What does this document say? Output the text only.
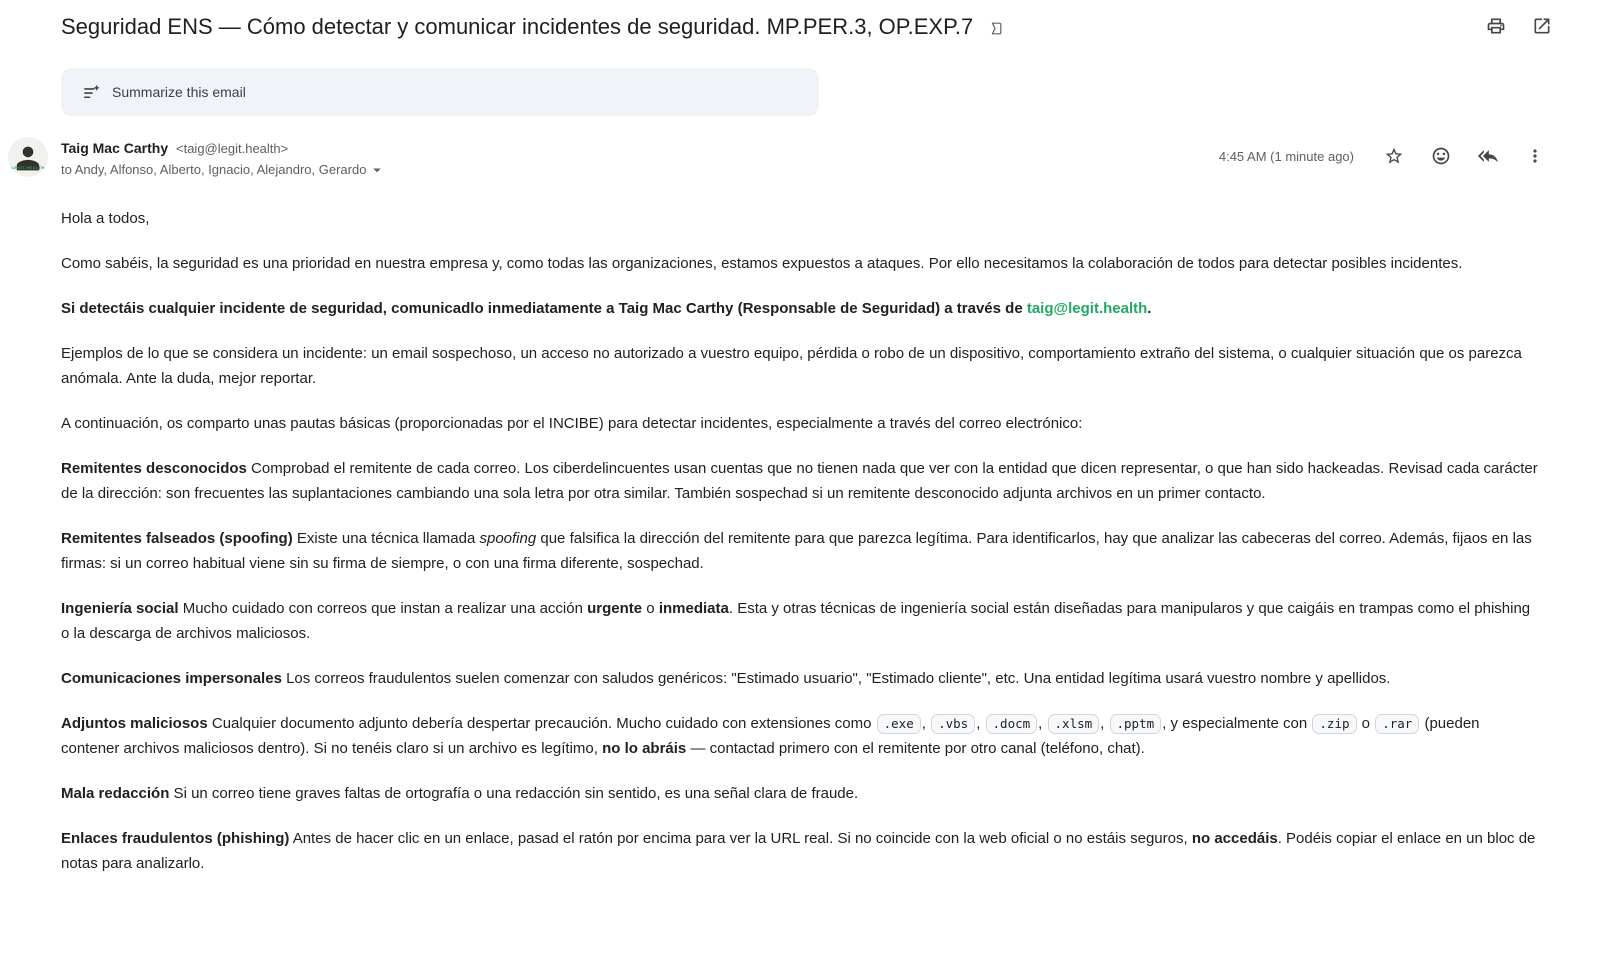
Seguridad ENS — Cómo detectar y comunicar incidentes de seguridad. MP.PER.3, OP.EXP.7
Summarize this email
LEGIT.HEALTH
Taig Mac Carthy <taig@legit.health>
to Andy, Alfonso, Alberto, Ignacio, Alejandro, Gerardo
4:45 AM (1 minute ago)

Hola a todos,

Como sabéis, la seguridad es una prioridad en nuestra empresa y, como todas las organizaciones, estamos expuestos a ataques. Por ello necesitamos la colaboración de todos para detectar posibles incidentes.

Si detectáis cualquier incidente de seguridad, comunicadlo inmediatamente a Taig Mac Carthy (Responsable de Seguridad) a través de taig@legit.health.

Ejemplos de lo que se considera un incidente: un email sospechoso, un acceso no autorizado a vuestro equipo, pérdida o robo de un dispositivo, comportamiento extraño del sistema, o cualquier situación que os parezca anómala. Ante la duda, mejor reportar.

A continuación, os comparto unas pautas básicas (proporcionadas por el INCIBE) para detectar incidentes, especialmente a través del correo electrónico:

Remitentes desconocidos Comprobad el remitente de cada correo. Los ciberdelincuentes usan cuentas que no tienen nada que ver con la entidad que dicen representar, o que han sido hackeadas. Revisad cada carácter de la dirección: son frecuentes las suplantaciones cambiando una sola letra por otra similar. También sospechad si un remitente desconocido adjunta archivos en un primer contacto.

Remitentes falseados (spoofing) Existe una técnica llamada spoofing que falsifica la dirección del remitente para que parezca legítima. Para identificarlos, hay que analizar las cabeceras del correo. Además, fijaos en las firmas: si un correo habitual viene sin su firma de siempre, o con una firma diferente, sospechad.

Ingeniería social Mucho cuidado con correos que instan a realizar una acción urgente o inmediata. Esta y otras técnicas de ingeniería social están diseñadas para manipularos y que caigáis en trampas como el phishing o la descarga de archivos maliciosos.

Comunicaciones impersonales Los correos fraudulentos suelen comenzar con saludos genéricos: "Estimado usuario", "Estimado cliente", etc. Una entidad legítima usará vuestro nombre y apellidos.

Adjuntos maliciosos Cualquier documento adjunto debería despertar precaución. Mucho cuidado con extensiones como .exe , .vbs , .docm , .xlsm , .pptm , y especialmente con .zip o .rar (pueden contener archivos maliciosos dentro). Si no tenéis claro si un archivo es legítimo, no lo abráis — contactad primero con el remitente por otro canal (teléfono, chat).

Mala redacción Si un correo tiene graves faltas de ortografía o una redacción sin sentido, es una señal clara de fraude.

Enlaces fraudulentos (phishing) Antes de hacer clic en un enlace, pasad el ratón por encima para ver la URL real. Si no coincide con la web oficial o no estáis seguros, no accedáis. Podéis copiar el enlace en un bloc de notas para analizarlo.
